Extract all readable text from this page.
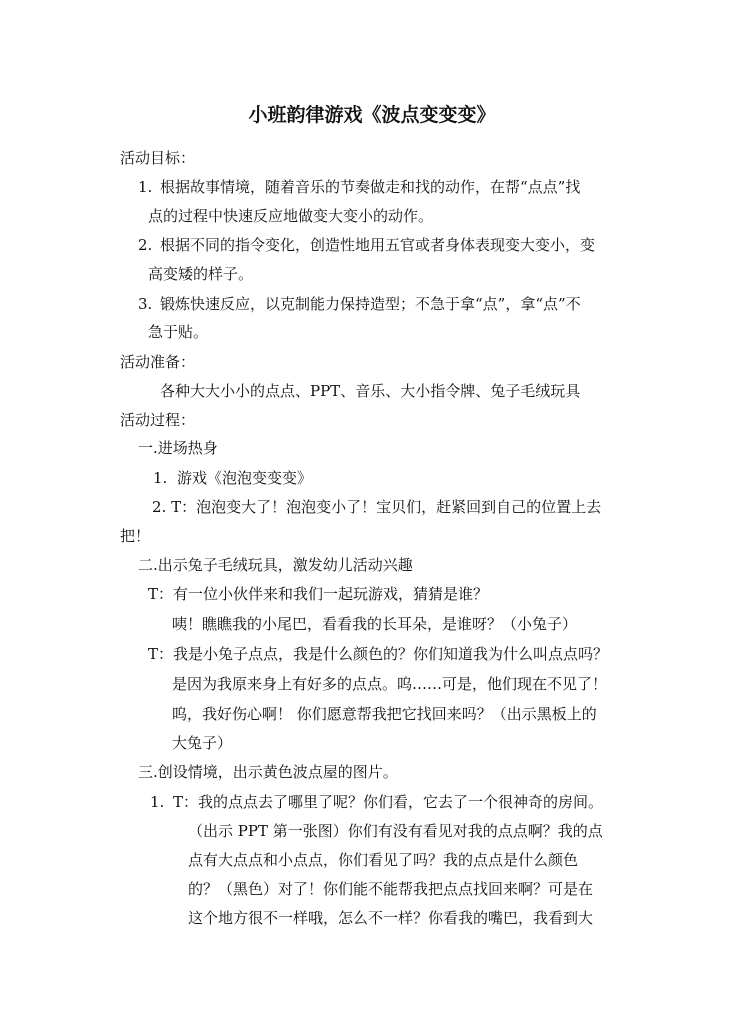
小班韵律游戏《波点变变变》
活动目标：
1. 根据故事情境，随着音乐的节奏做走和找的动作，在帮“点点”找
点的过程中快速反应地做变大变小的动作。
2. 根据不同的指令变化，创造性地用五官或者身体表现变大变小，变
高变矮的样子。
3. 锻炼快速反应，以克制能力保持造型；不急于拿“点”，拿“点”不
急于贴。
活动准备：
各种大大小小的点点、PPT、音乐、大小指令牌、兔子毛绒玩具
活动过程：
一.进场热身
1. 游戏《泡泡变变变》
2. T：泡泡变大了！泡泡变小了！宝贝们，赶紧回到自己的位置上去
把！
二.出示兔子毛绒玩具，激发幼儿活动兴趣
T：有一位小伙伴来和我们一起玩游戏，猜猜是谁？
咦！瞧瞧我的小尾巴，看看我的长耳朵，是谁呀？（小兔子）
T：我是小兔子点点，我是什么颜色的？你们知道我为什么叫点点吗？
是因为我原来身上有好多的点点。呜……可是，他们现在不见了！
呜，我好伤心啊！ 你们愿意帮我把它找回来吗？（出示黑板上的
大兔子）
三.创设情境，出示黄色波点屋的图片。
1. T：我的点点去了哪里了呢？你们看，它去了一个很神奇的房间。
（出示 PPT 第一张图）你们有没有看见对我的点点啊？我的点
点有大点点和小点点，你们看见了吗？我的点点是什么颜色
的？（黑色）对了！你们能不能帮我把点点找回来啊？可是在
这个地方很不一样哦，怎么不一样？你看我的嘴巴，我看到大
